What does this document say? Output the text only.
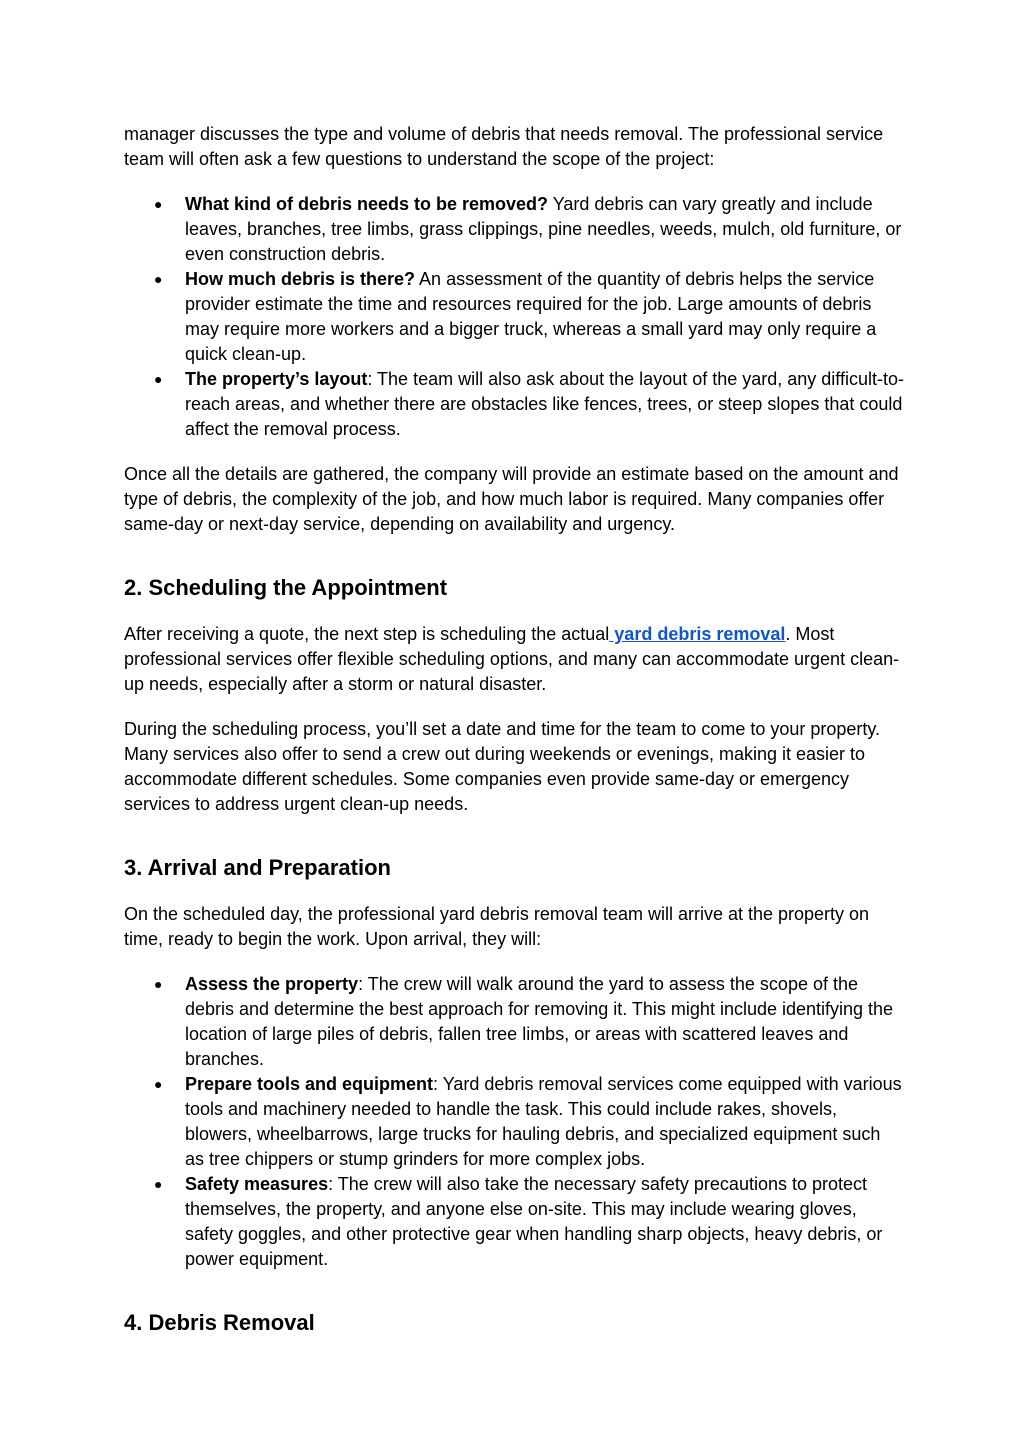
manager discusses the type and volume of debris that needs removal. The professional service team will often ask a few questions to understand the scope of the project:

● What kind of debris needs to be removed? Yard debris can vary greatly and include leaves, branches, tree limbs, grass clippings, pine needles, weeds, mulch, old furniture, or even construction debris.
● How much debris is there? An assessment of the quantity of debris helps the service provider estimate the time and resources required for the job. Large amounts of debris may require more workers and a bigger truck, whereas a small yard may only require a quick clean-up.
● The property’s layout: The team will also ask about the layout of the yard, any difficult-to-reach areas, and whether there are obstacles like fences, trees, or steep slopes that could affect the removal process.

Once all the details are gathered, the company will provide an estimate based on the amount and type of debris, the complexity of the job, and how much labor is required. Many companies offer same-day or next-day service, depending on availability and urgency.

2. Scheduling the Appointment

After receiving a quote, the next step is scheduling the actual yard debris removal. Most professional services offer flexible scheduling options, and many can accommodate urgent clean-up needs, especially after a storm or natural disaster.

During the scheduling process, you’ll set a date and time for the team to come to your property. Many services also offer to send a crew out during weekends or evenings, making it easier to accommodate different schedules. Some companies even provide same-day or emergency services to address urgent clean-up needs.

3. Arrival and Preparation

On the scheduled day, the professional yard debris removal team will arrive at the property on time, ready to begin the work. Upon arrival, they will:

● Assess the property: The crew will walk around the yard to assess the scope of the debris and determine the best approach for removing it. This might include identifying the location of large piles of debris, fallen tree limbs, or areas with scattered leaves and branches.
● Prepare tools and equipment: Yard debris removal services come equipped with various tools and machinery needed to handle the task. This could include rakes, shovels, blowers, wheelbarrows, large trucks for hauling debris, and specialized equipment such as tree chippers or stump grinders for more complex jobs.
● Safety measures: The crew will also take the necessary safety precautions to protect themselves, the property, and anyone else on-site. This may include wearing gloves, safety goggles, and other protective gear when handling sharp objects, heavy debris, or power equipment.
4. Debris Removal
